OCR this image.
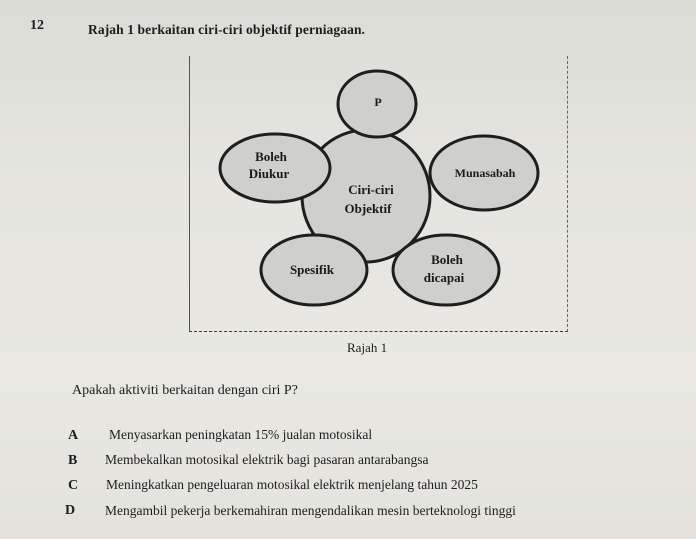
12	Rajah 1 berkaitan ciri-ciri objektif perniagaan.
Ciri-ciri
Objektif
P
Boleh
Diukur	Munasabah
Spesifik
Boleh
dicapai
Rajah 1
Apakah aktiviti berkaitan dengan ciri P?
A Menyasarkan peningkatan 15% jualan motosikal
B Membekalkan motosikal elektrik bagi pasaran antarabangsa
C Meningkatkan pengeluaran motosikal elektrik menjelang tahun 2025
D Mengambil pekerja berkemahiran mengendalikan mesin berteknologi tinggi
